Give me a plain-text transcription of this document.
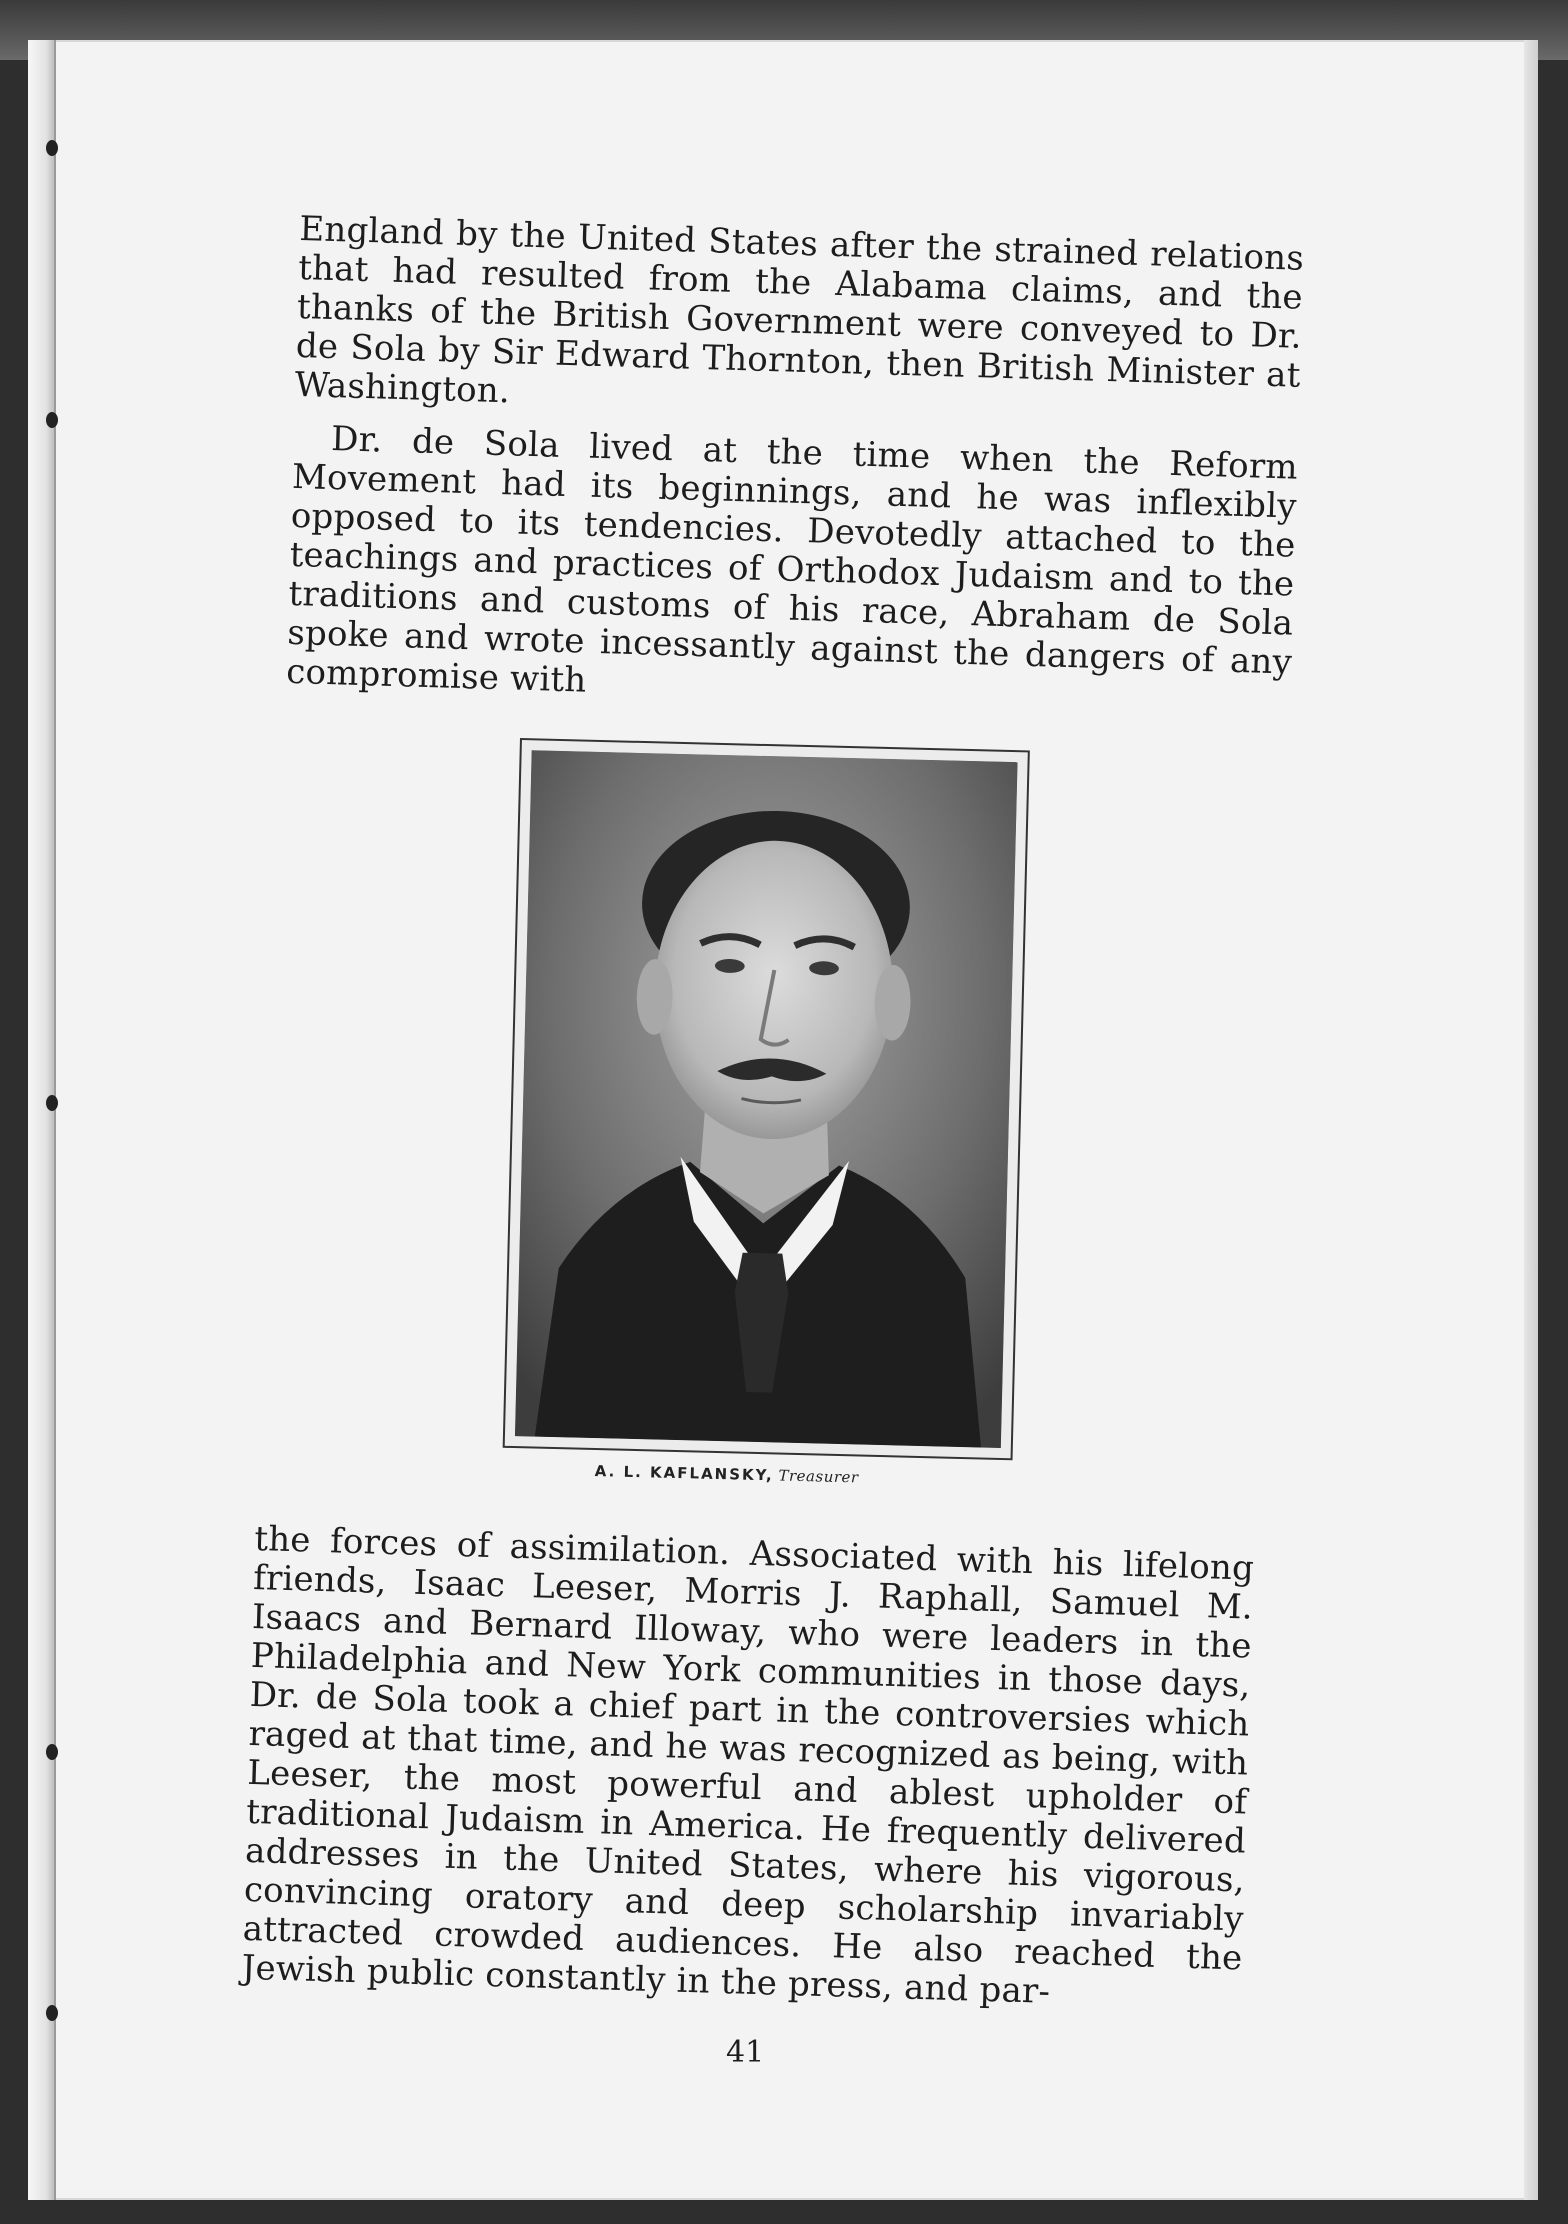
England by the United States after the strained relations that had resulted from the Alabama claims, and the thanks of the British Government were conveyed to Dr. de Sola by Sir Edward Thornton, then British Minister at Washington.

Dr. de Sola lived at the time when the Reform Movement had its beginnings, and he was inflexibly opposed to its tendencies. Devotedly attached to the teachings and practices of Orthodox Judaism and to the traditions and customs of his race, Abraham de Sola spoke and wrote incessantly against the dangers of any compromise with

A. L. KAFLANSKY, Treasurer

the forces of assimilation. Associated with his lifelong friends, Isaac Leeser, Morris J. Raphall, Samuel M. Isaacs and Bernard Illoway, who were leaders in the Philadelphia and New York communities in those days, Dr. de Sola took a chief part in the controversies which raged at that time, and he was recognized as being, with Leeser, the most powerful and ablest upholder of traditional Judaism in America. He frequently delivered addresses in the United States, where his vigorous, convincing oratory and deep scholarship invariably attracted crowded audiences. He also reached the Jewish public constantly in the press, and par-

41
